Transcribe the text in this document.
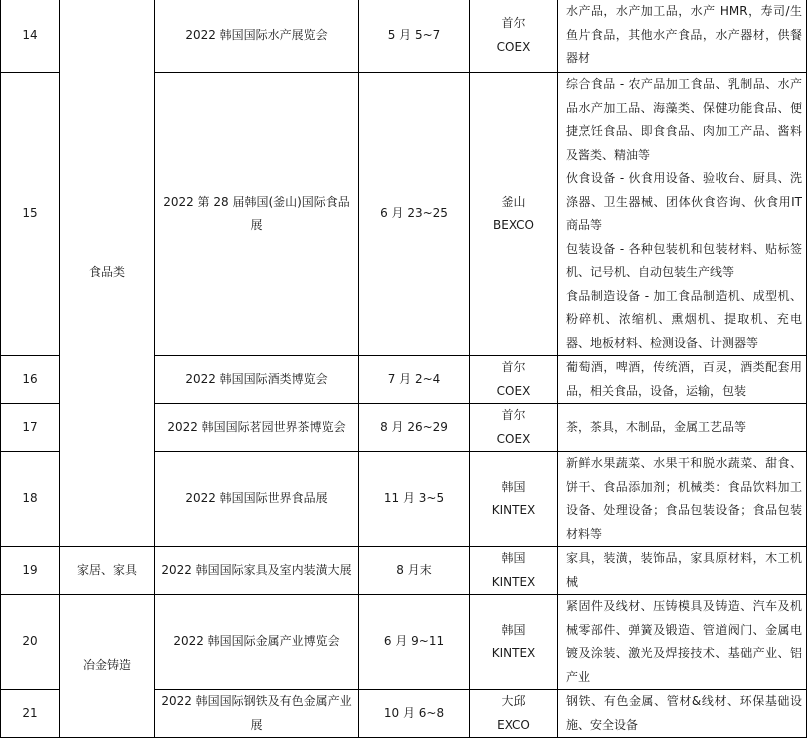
14	食品类	2022 韩国国际水产展览会	5 月 5~7	首尔
COEX	水产品，水产加工品，水产 HMR，寿司/生鱼片食品，其他水产食品，水产器材，供餐器材

15		2022 第 28 届韩国(釜山)国际食品展	6 月 23~25	釜山
BEXCO	综合食品 - 农产品加工食品、乳制品、水产品水产加工品、海藻类、保健功能食品、便捷烹饪食品、即食食品、肉加工产品、酱料及酱类、精油等
伙食设备 - 伙食用设备、验收台、厨具、洗涤器、卫生器械、团体伙食咨询、伙食用IT 商品等
包装设备 - 各种包装机和包装材料、贴标签机、记号机、自动包装生产线等
食品制造设备 - 加工食品制造机、成型机、粉碎机、浓缩机、熏烟机、提取机、充电器、地板材料、检测设备、计测器等

16		2022 韩国国际酒类博览会	7 月 2~4	首尔
COEX	葡萄酒，啤酒，传统酒，百灵，酒类配套用品，相关食品，设备，运输，包装

17		2022 韩国国际茗园世界茶博览会	8 月 26~29	首尔
COEX	茶，茶具，木制品，金属工艺品等

18		2022 韩国国际世界食品展	11 月 3~5	韩国
KINTEX	新鲜水果蔬菜、水果干和脱水蔬菜、甜食、饼干、食品添加剂；机械类：食品饮料加工设备、处理设备；食品包装设备；食品包装材料等

19	家居、家具	2022 韩国国际家具及室内装潢大展	8 月末	韩国
KINTEX	家具，装潢，装饰品，家具原材料，木工机械

20	冶金铸造	2022 韩国国际金属产业博览会	6 月 9~11	韩国
KINTEX	紧固件及线材、压铸模具及铸造、汽车及机械零部件、弹簧及锻造、管道阀门、金属电镀及涂装、激光及焊接技术、基础产业、铝产业

21		2022 韩国国际钢铁及有色金属产业展	10 月 6~8	大邱
EXCO	钢铁、有色金属、管材&线材、环保基础设施、安全设备
